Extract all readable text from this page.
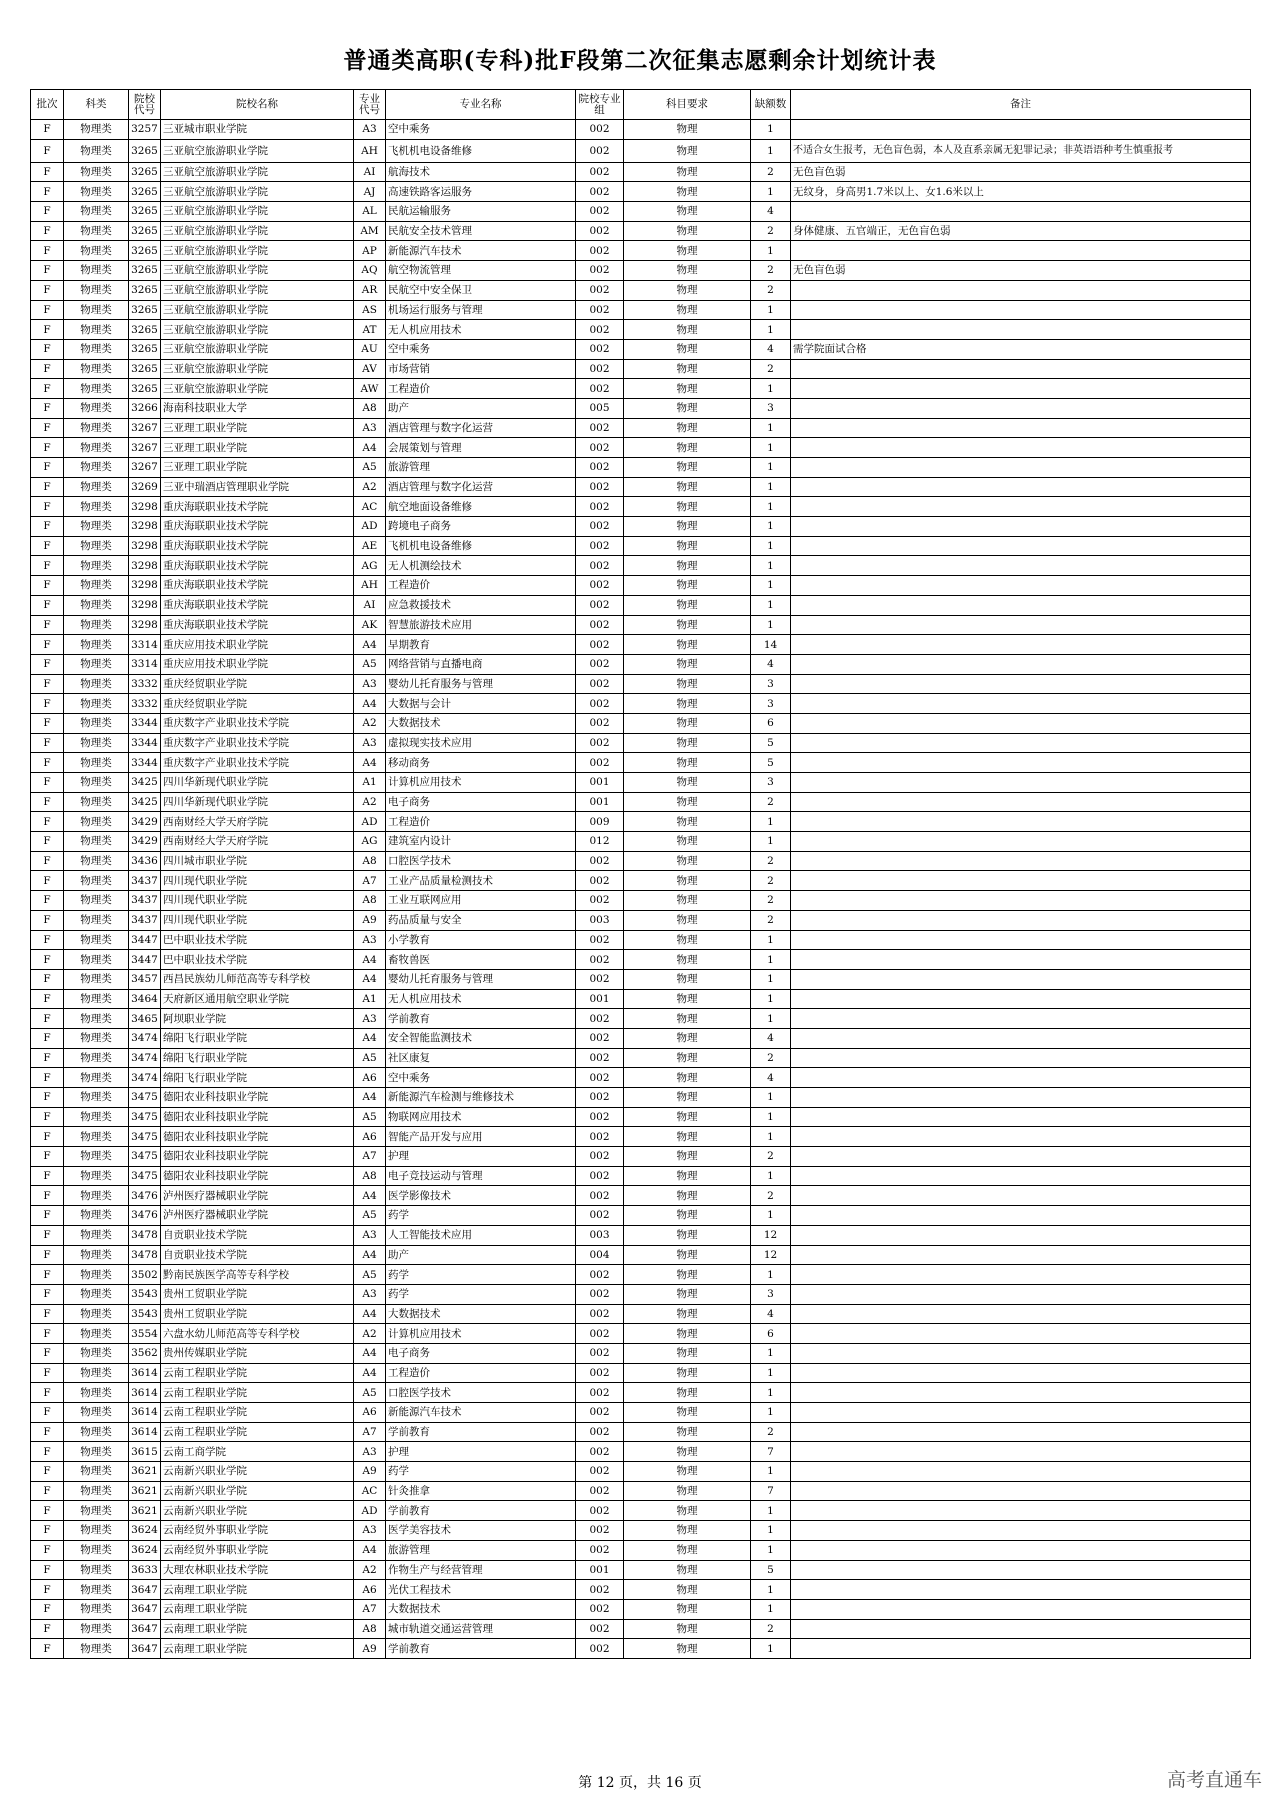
普通类高职(专科)批F段第二次征集志愿剩余计划统计表
批次	科类	院校代号	院校名称	专业代号	专业名称	院校专业组	科目要求	缺额数	备注
F	物理类	3257	三亚城市职业学院	A3	空中乘务	002	物理	1	
F	物理类	3265	三亚航空旅游职业学院	AH	飞机机电设备维修	002	物理	1	不适合女生报考，无色盲色弱，本人及直系亲属无犯罪记录；非英语语种考生慎重报考
F	物理类	3265	三亚航空旅游职业学院	AI	航海技术	002	物理	2	无色盲色弱
F	物理类	3265	三亚航空旅游职业学院	AJ	高速铁路客运服务	002	物理	1	无纹身，身高男1.7米以上、女1.6米以上
F	物理类	3265	三亚航空旅游职业学院	AL	民航运输服务	002	物理	4	
F	物理类	3265	三亚航空旅游职业学院	AM	民航安全技术管理	002	物理	2	身体健康、五官端正，无色盲色弱
F	物理类	3265	三亚航空旅游职业学院	AP	新能源汽车技术	002	物理	1	
F	物理类	3265	三亚航空旅游职业学院	AQ	航空物流管理	002	物理	2	无色盲色弱
F	物理类	3265	三亚航空旅游职业学院	AR	民航空中安全保卫	002	物理	2	
F	物理类	3265	三亚航空旅游职业学院	AS	机场运行服务与管理	002	物理	1	
F	物理类	3265	三亚航空旅游职业学院	AT	无人机应用技术	002	物理	1	
F	物理类	3265	三亚航空旅游职业学院	AU	空中乘务	002	物理	4	需学院面试合格
F	物理类	3265	三亚航空旅游职业学院	AV	市场营销	002	物理	2	
F	物理类	3265	三亚航空旅游职业学院	AW	工程造价	002	物理	1	
F	物理类	3266	海南科技职业大学	A8	助产	005	物理	3	
F	物理类	3267	三亚理工职业学院	A3	酒店管理与数字化运营	002	物理	1	
F	物理类	3267	三亚理工职业学院	A4	会展策划与管理	002	物理	1	
F	物理类	3267	三亚理工职业学院	A5	旅游管理	002	物理	1	
F	物理类	3269	三亚中瑞酒店管理职业学院	A2	酒店管理与数字化运营	002	物理	1	
F	物理类	3298	重庆海联职业技术学院	AC	航空地面设备维修	002	物理	1	
F	物理类	3298	重庆海联职业技术学院	AD	跨境电子商务	002	物理	1	
F	物理类	3298	重庆海联职业技术学院	AE	飞机机电设备维修	002	物理	1	
F	物理类	3298	重庆海联职业技术学院	AG	无人机测绘技术	002	物理	1	
F	物理类	3298	重庆海联职业技术学院	AH	工程造价	002	物理	1	
F	物理类	3298	重庆海联职业技术学院	AI	应急救援技术	002	物理	1	
F	物理类	3298	重庆海联职业技术学院	AK	智慧旅游技术应用	002	物理	1	
F	物理类	3314	重庆应用技术职业学院	A4	早期教育	002	物理	14	
F	物理类	3314	重庆应用技术职业学院	A5	网络营销与直播电商	002	物理	4	
F	物理类	3332	重庆经贸职业学院	A3	婴幼儿托育服务与管理	002	物理	3	
F	物理类	3332	重庆经贸职业学院	A4	大数据与会计	002	物理	3	
F	物理类	3344	重庆数字产业职业技术学院	A2	大数据技术	002	物理	6	
F	物理类	3344	重庆数字产业职业技术学院	A3	虚拟现实技术应用	002	物理	5	
F	物理类	3344	重庆数字产业职业技术学院	A4	移动商务	002	物理	5	
F	物理类	3425	四川华新现代职业学院	A1	计算机应用技术	001	物理	3	
F	物理类	3425	四川华新现代职业学院	A2	电子商务	001	物理	2	
F	物理类	3429	西南财经大学天府学院	AD	工程造价	009	物理	1	
F	物理类	3429	西南财经大学天府学院	AG	建筑室内设计	012	物理	1	
F	物理类	3436	四川城市职业学院	A8	口腔医学技术	002	物理	2	
F	物理类	3437	四川现代职业学院	A7	工业产品质量检测技术	002	物理	2	
F	物理类	3437	四川现代职业学院	A8	工业互联网应用	002	物理	2	
F	物理类	3437	四川现代职业学院	A9	药品质量与安全	003	物理	2	
F	物理类	3447	巴中职业技术学院	A3	小学教育	002	物理	1	
F	物理类	3447	巴中职业技术学院	A4	畜牧兽医	002	物理	1	
F	物理类	3457	西昌民族幼儿师范高等专科学校	A4	婴幼儿托育服务与管理	002	物理	1	
F	物理类	3464	天府新区通用航空职业学院	A1	无人机应用技术	001	物理	1	
F	物理类	3465	阿坝职业学院	A3	学前教育	002	物理	1	
F	物理类	3474	绵阳飞行职业学院	A4	安全智能监测技术	002	物理	4	
F	物理类	3474	绵阳飞行职业学院	A5	社区康复	002	物理	2	
F	物理类	3474	绵阳飞行职业学院	A6	空中乘务	002	物理	4	
F	物理类	3475	德阳农业科技职业学院	A4	新能源汽车检测与维修技术	002	物理	1	
F	物理类	3475	德阳农业科技职业学院	A5	物联网应用技术	002	物理	1	
F	物理类	3475	德阳农业科技职业学院	A6	智能产品开发与应用	002	物理	1	
F	物理类	3475	德阳农业科技职业学院	A7	护理	002	物理	2	
F	物理类	3475	德阳农业科技职业学院	A8	电子竞技运动与管理	002	物理	1	
F	物理类	3476	泸州医疗器械职业学院	A4	医学影像技术	002	物理	2	
F	物理类	3476	泸州医疗器械职业学院	A5	药学	002	物理	1	
F	物理类	3478	自贡职业技术学院	A3	人工智能技术应用	003	物理	12	
F	物理类	3478	自贡职业技术学院	A4	助产	004	物理	12	
F	物理类	3502	黔南民族医学高等专科学校	A5	药学	002	物理	1	
F	物理类	3543	贵州工贸职业学院	A3	药学	002	物理	3	
F	物理类	3543	贵州工贸职业学院	A4	大数据技术	002	物理	4	
F	物理类	3554	六盘水幼儿师范高等专科学校	A2	计算机应用技术	002	物理	6	
F	物理类	3562	贵州传媒职业学院	A4	电子商务	002	物理	1	
F	物理类	3614	云南工程职业学院	A4	工程造价	002	物理	1	
F	物理类	3614	云南工程职业学院	A5	口腔医学技术	002	物理	1	
F	物理类	3614	云南工程职业学院	A6	新能源汽车技术	002	物理	1	
F	物理类	3614	云南工程职业学院	A7	学前教育	002	物理	2	
F	物理类	3615	云南工商学院	A3	护理	002	物理	7	
F	物理类	3621	云南新兴职业学院	A9	药学	002	物理	1	
F	物理类	3621	云南新兴职业学院	AC	针灸推拿	002	物理	7	
F	物理类	3621	云南新兴职业学院	AD	学前教育	002	物理	1	
F	物理类	3624	云南经贸外事职业学院	A3	医学美容技术	002	物理	1	
F	物理类	3624	云南经贸外事职业学院	A4	旅游管理	002	物理	1	
F	物理类	3633	大理农林职业技术学院	A2	作物生产与经营管理	001	物理	5	
F	物理类	3647	云南理工职业学院	A6	光伏工程技术	002	物理	1	
F	物理类	3647	云南理工职业学院	A7	大数据技术	002	物理	1	
F	物理类	3647	云南理工职业学院	A8	城市轨道交通运营管理	002	物理	2	
F	物理类	3647	云南理工职业学院	A9	学前教育	002	物理	1	
第 12 页，共 16 页	高考直通车
